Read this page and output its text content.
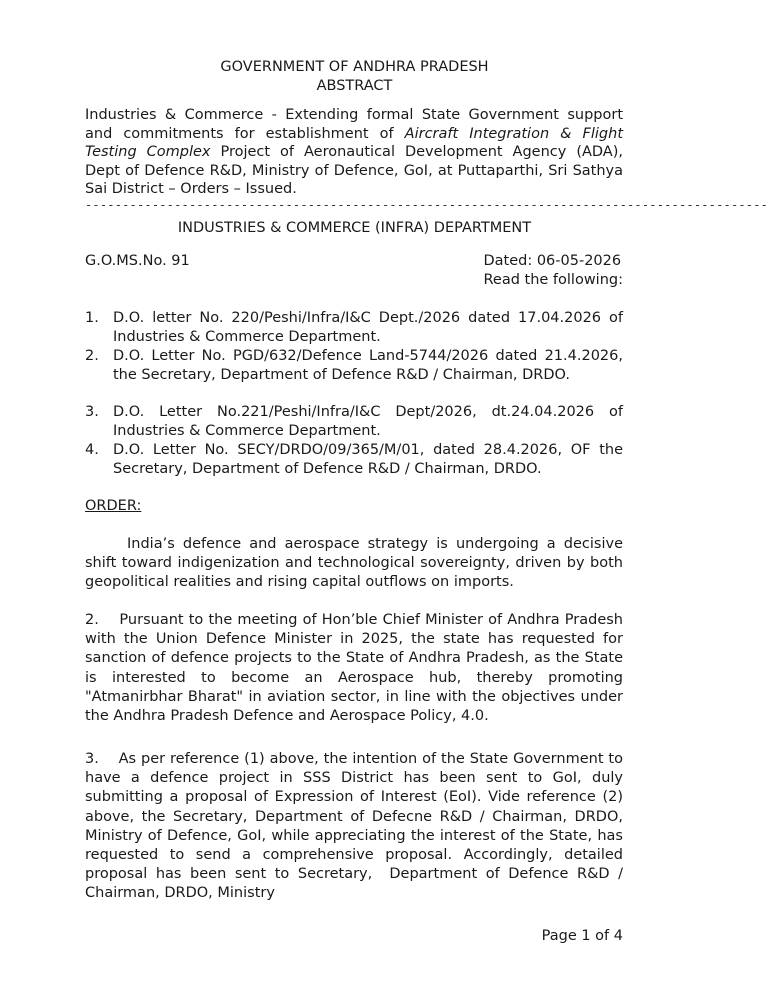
GOVERNMENT OF ANDHRA PRADESH
ABSTRACT
Industries & Commerce - Extending formal State Government support and commitments for establishment of Aircraft Integration & Flight Testing Complex Project of Aeronautical Development Agency (ADA), Dept of Defence R&D, Ministry of Defence, GoI, at Puttaparthi, Sri Sathya Sai District – Orders – Issued.
--------------------------------------------------------------------------------------------
INDUSTRIES & COMMERCE (INFRA) DEPARTMENT
G.O.MS.No. 91	Dated: 06-05-2026
Read the following:
1. D.O. letter No. 220/Peshi/Infra/I&C Dept./2026 dated 17.04.2026 of Industries & Commerce Department.
2. D.O. Letter No. PGD/632/Defence Land-5744/2026 dated 21.4.2026, the Secretary, Department of Defence R&D / Chairman, DRDO.
3. D.O. Letter No.221/Peshi/Infra/I&C Dept/2026, dt.24.04.2026 of Industries & Commerce Department.
4. D.O. Letter No. SECY/DRDO/09/365/M/01, dated 28.4.2026, OF the Secretary, Department of Defence R&D / Chairman, DRDO.
ORDER:
India’s defence and aerospace strategy is undergoing a decisive shift toward indigenization and technological sovereignty, driven by both geopolitical realities and rising capital outflows on imports.
2.    Pursuant to the meeting of Hon’ble Chief Minister of Andhra Pradesh with the Union Defence Minister in 2025, the state has requested for sanction of defence projects to the State of Andhra Pradesh, as the State is interested to become an Aerospace hub, thereby promoting "Atmanirbhar Bharat" in aviation sector, in line with the objectives under the Andhra Pradesh Defence and Aerospace Policy, 4.0.
3.    As per reference (1) above, the intention of the State Government to have a defence project in SSS District has been sent to GoI, duly submitting a proposal of Expression of Interest (EoI). Vide reference (2) above, the Secretary, Department of Defecne R&D / Chairman, DRDO, Ministry of Defence, GoI, while appreciating the interest of the State, has requested to send a comprehensive proposal. Accordingly, detailed proposal has been sent to Secretary,  Department of Defence R&D / Chairman, DRDO, Ministry
Page 1 of 4
